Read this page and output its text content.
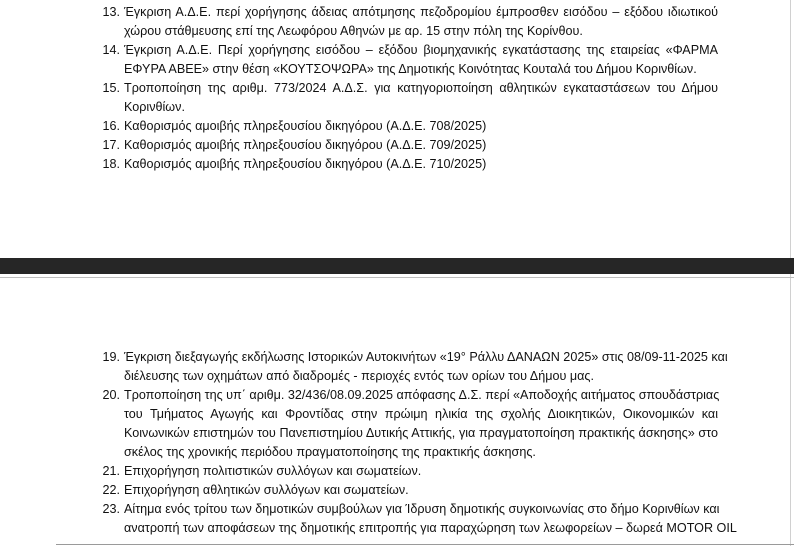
13. Έγκριση Α.Δ.Ε. περί χορήγησης άδειας απότμησης πεζοδρομίου έμπροσθεν εισόδου – εξόδου ιδιωτικού
χώρου στάθμευσης επί της Λεωφόρου Αθηνών με αρ. 15 στην πόλη της Κορίνθου.
14. Έγκριση Α.Δ.Ε. Περί χορήγησης εισόδου – εξόδου βιομηχανικής εγκατάστασης της εταιρείας «ΦΑΡΜΑ
ΕΦΥΡΑ ΑΒΕΕ» στην θέση «ΚΟΥΤΣΟΨΩΡΑ» της Δημοτικής Κοινότητας Κουταλά του Δήμου Κορινθίων.
15. Τροποποίηση της αριθμ. 773/2024 Α.Δ.Σ. για κατηγοριοποίηση αθλητικών εγκαταστάσεων του Δήμου
Κορινθίων.
16. Καθορισμός αμοιβής πληρεξουσίου δικηγόρου (Α.Δ.Ε. 708/2025)
17. Καθορισμός αμοιβής πληρεξουσίου δικηγόρου (Α.Δ.Ε. 709/2025)
18. Καθορισμός αμοιβής πληρεξουσίου δικηγόρου (Α.Δ.Ε. 710/2025)
19. Έγκριση διεξαγωγής εκδήλωσης Ιστορικών Αυτοκινήτων «19° Ράλλυ ΔΑΝΑΩΝ 2025» στις 08/09-11-2025 και
διέλευσης των οχημάτων από διαδρομές - περιοχές εντός των ορίων του Δήμου μας.
20. Τροποποίηση της υπ΄ αριθμ. 32/436/08.09.2025 απόφασης Δ.Σ. περί «Αποδοχής αιτήματος σπουδάστριας
του Τμήματος Αγωγής και Φροντίδας στην πρώιμη ηλικία της σχολής Διοικητικών, Οικονομικών και
Κοινωνικών επιστημών του Πανεπιστημίου Δυτικής Αττικής, για πραγματοποίηση πρακτικής άσκησης» στο
σκέλος της χρονικής περιόδου πραγματοποίησης της πρακτικής άσκησης.
21. Επιχορήγηση πολιτιστικών συλλόγων και σωματείων.
22. Επιχορήγηση αθλητικών συλλόγων και σωματείων.
23. Αίτημα ενός τρίτου των δημοτικών συμβούλων για Ίδρυση δημοτικής συγκοινωνίας στο δήμο Κορινθίων και
ανατροπή των αποφάσεων της δημοτικής επιτροπής για παραχώρηση των λεωφορείων – δωρεά MOTOR OIL
